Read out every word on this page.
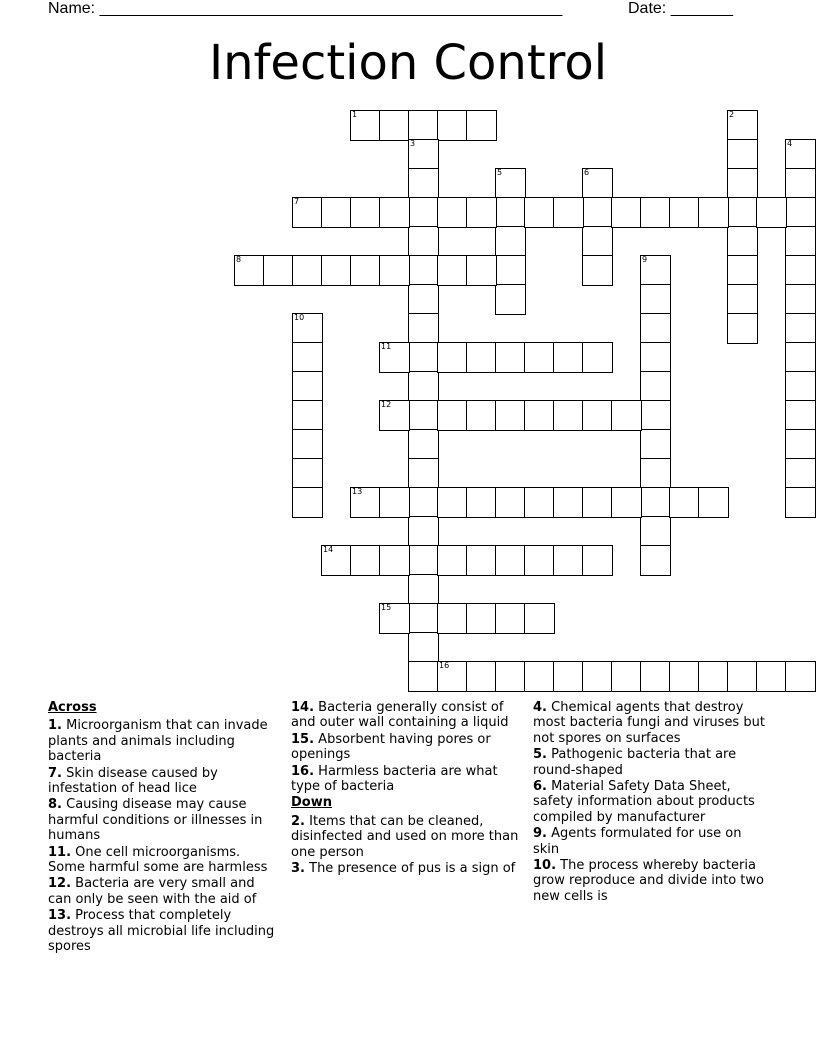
Name: ____________________________________________________	Date: _______
Infection Control
1	2
3	4
5	6
7
8	9
10
11
12
13
14
15
16
Across
1. Microorganism that can invade plants and animals including bacteria
7. Skin disease caused by infestation of head lice
8. Causing disease may cause harmful conditions or illnesses in humans
11. One cell microorganisms. Some harmful some are harmless
12. Bacteria are very small and can only be seen with the aid of
13. Process that completely destroys all microbial life including spores
14. Bacteria generally consist of and outer wall containing a liquid
15. Absorbent having pores or openings
16. Harmless bacteria are what type of bacteria
Down
2. Items that can be cleaned, disinfected and used on more than one person
3. The presence of pus is a sign of
4. Chemical agents that destroy most bacteria fungi and viruses but not spores on surfaces
5. Pathogenic bacteria that are round-shaped
6. Material Safety Data Sheet, safety information about products compiled by manufacturer
9. Agents formulated for use on skin
10. The process whereby bacteria grow reproduce and divide into two new cells is
